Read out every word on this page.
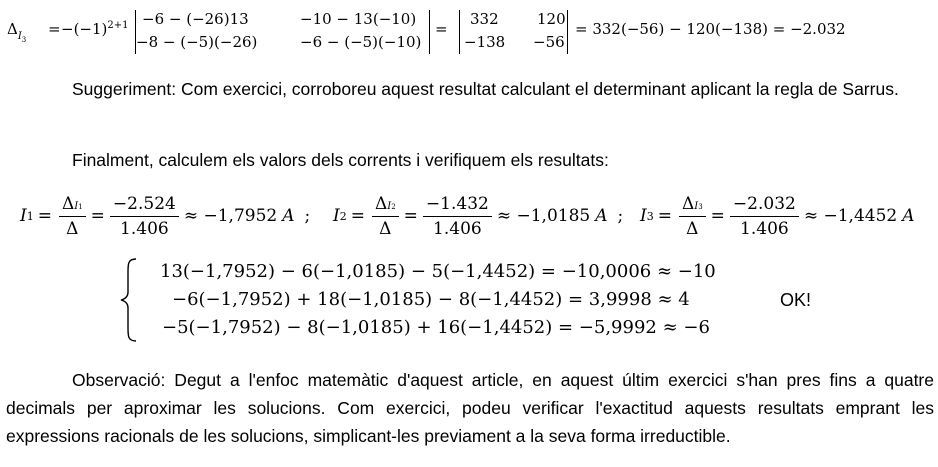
$\Delta_{I3}$
= $-(-1)^{2+1} -6 - (-26)13$	−10 − 13(−10)
−8 − (−5)(−26)	−6 − (−5)(−10)
=
332	120
−138 −56
= 332(−56) − 120(−138) = −2.032

Suggeriment: Com exercici, corroboreu aquest resultat calculant el determinant aplicant la regla de Sarrus.

Finalment, calculem els valors dels corrents i verifiquem els resultats:

I $1 = \frac{\Delta I1}{\Delta} = \frac{-2.524}{1.406} \approx -1,7952$ A ; I $2 = \frac{\Delta I2}{\Delta} = \frac{-1.432}{1.406} \approx -1,0185$ A ; I $3 = \frac{\Delta I3}{\Delta} = \frac{-2.032}{1.406} \approx -1,4452$ A
13(−1,7952) − 6(−1,0185) − 5(−1,4452) = −10,0006 ≈ −10
−6(−1,7952) + 18(−1,0185) − 8(−1,4452) = 3,9998 ≈ 4
−5(−1,7952) − 8(−1,0185) + 16(−1,4452) = −5,9992 ≈ −6
OK!

Observació: Degut a l'enfoc matemàtic d'aquest article, en aquest últim exercici s'han pres fins a quatre decimals per aproximar les solucions. Com exercici, podeu verificar l'exactitud aquests resultats emprant les expressions racionals de les solucions, simplicant-les previament a la seva forma irreductible.
